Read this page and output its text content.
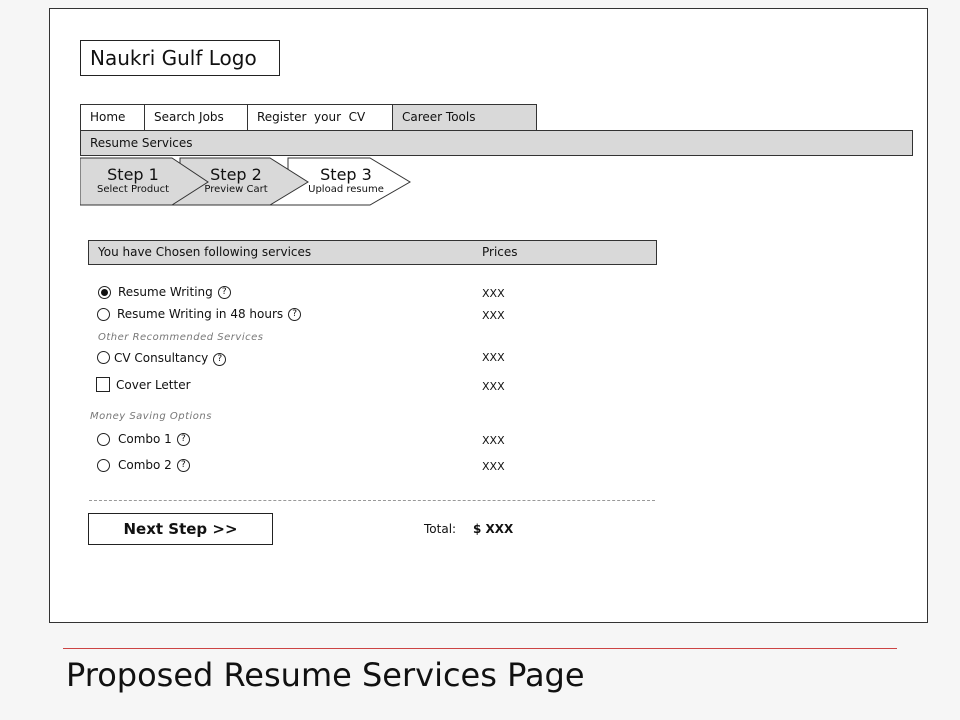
Naukri Gulf Logo
Home	Search Jobs	Register  your  CV	Career Tools
Resume Services
Step 1
Select Product
Step 2
Preview Cart
Step 3
Upload resume
You have Chosen following services	Prices
Resume Writing	?	XXX
Resume Writing in 48 hours	?	XXX
Other Recommended Services
CV Consultancy	?	XXX
Cover Letter	XXX
Money Saving Options
Combo 1	?	XXX
Combo 2	?	XXX
Next Step >>	Total: $ XXX
Proposed Resume Services Page
